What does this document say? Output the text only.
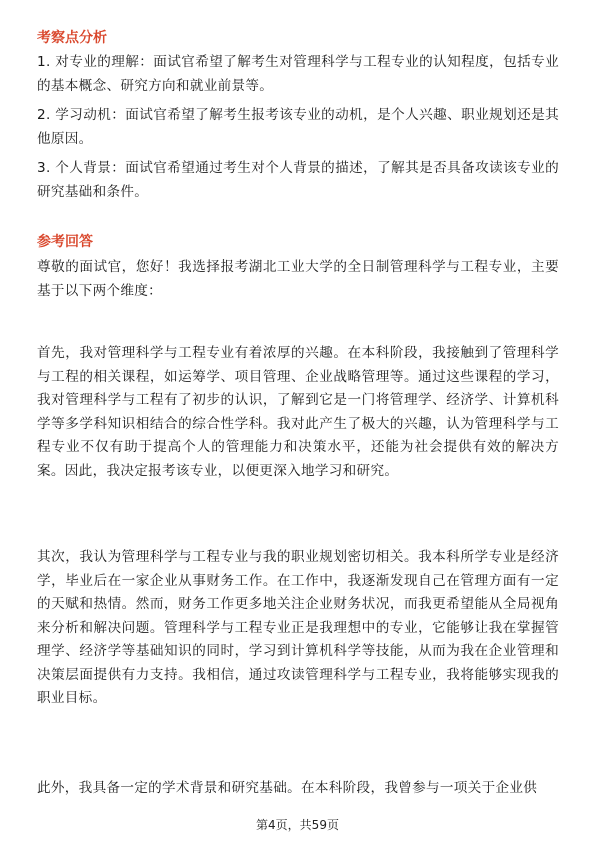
考察点分析

1. 对专业的理解：面试官希望了解考生对管理科学与工程专业的认知程度，包括专业的基本概念、研究方向和就业前景等。

2. 学习动机：面试官希望了解考生报考该专业的动机，是个人兴趣、职业规划还是其他原因。

3. 个人背景：面试官希望通过考生对个人背景的描述，了解其是否具备攻读该专业的研究基础和条件。

参考回答

尊敬的面试官，您好！我选择报考湖北工业大学的全日制管理科学与工程专业，主要基于以下两个维度：

首先，我对管理科学与工程专业有着浓厚的兴趣。在本科阶段，我接触到了管理科学与工程的相关课程，如运筹学、项目管理、企业战略管理等。通过这些课程的学习，我对管理科学与工程有了初步的认识，了解到它是一门将管理学、经济学、计算机科学等多学科知识相结合的综合性学科。我对此产生了极大的兴趣，认为管理科学与工程专业不仅有助于提高个人的管理能力和决策水平，还能为社会提供有效的解决方案。因此，我决定报考该专业，以便更深入地学习和研究。

其次，我认为管理科学与工程专业与我的职业规划密切相关。我本科所学专业是经济学，毕业后在一家企业从事财务工作。在工作中，我逐渐发现自己在管理方面有一定的天赋和热情。然而，财务工作更多地关注企业财务状况，而我更希望能从全局视角来分析和解决问题。管理科学与工程专业正是我理想中的专业，它能够让我在掌握管理学、经济学等基础知识的同时，学习到计算机科学等技能，从而为我在企业管理和决策层面提供有力支持。我相信，通过攻读管理科学与工程专业，我将能够实现我的职业目标。

此外，我具备一定的学术背景和研究基础。在本科阶段，我曾参与一项关于企业供

第4页，共59页
